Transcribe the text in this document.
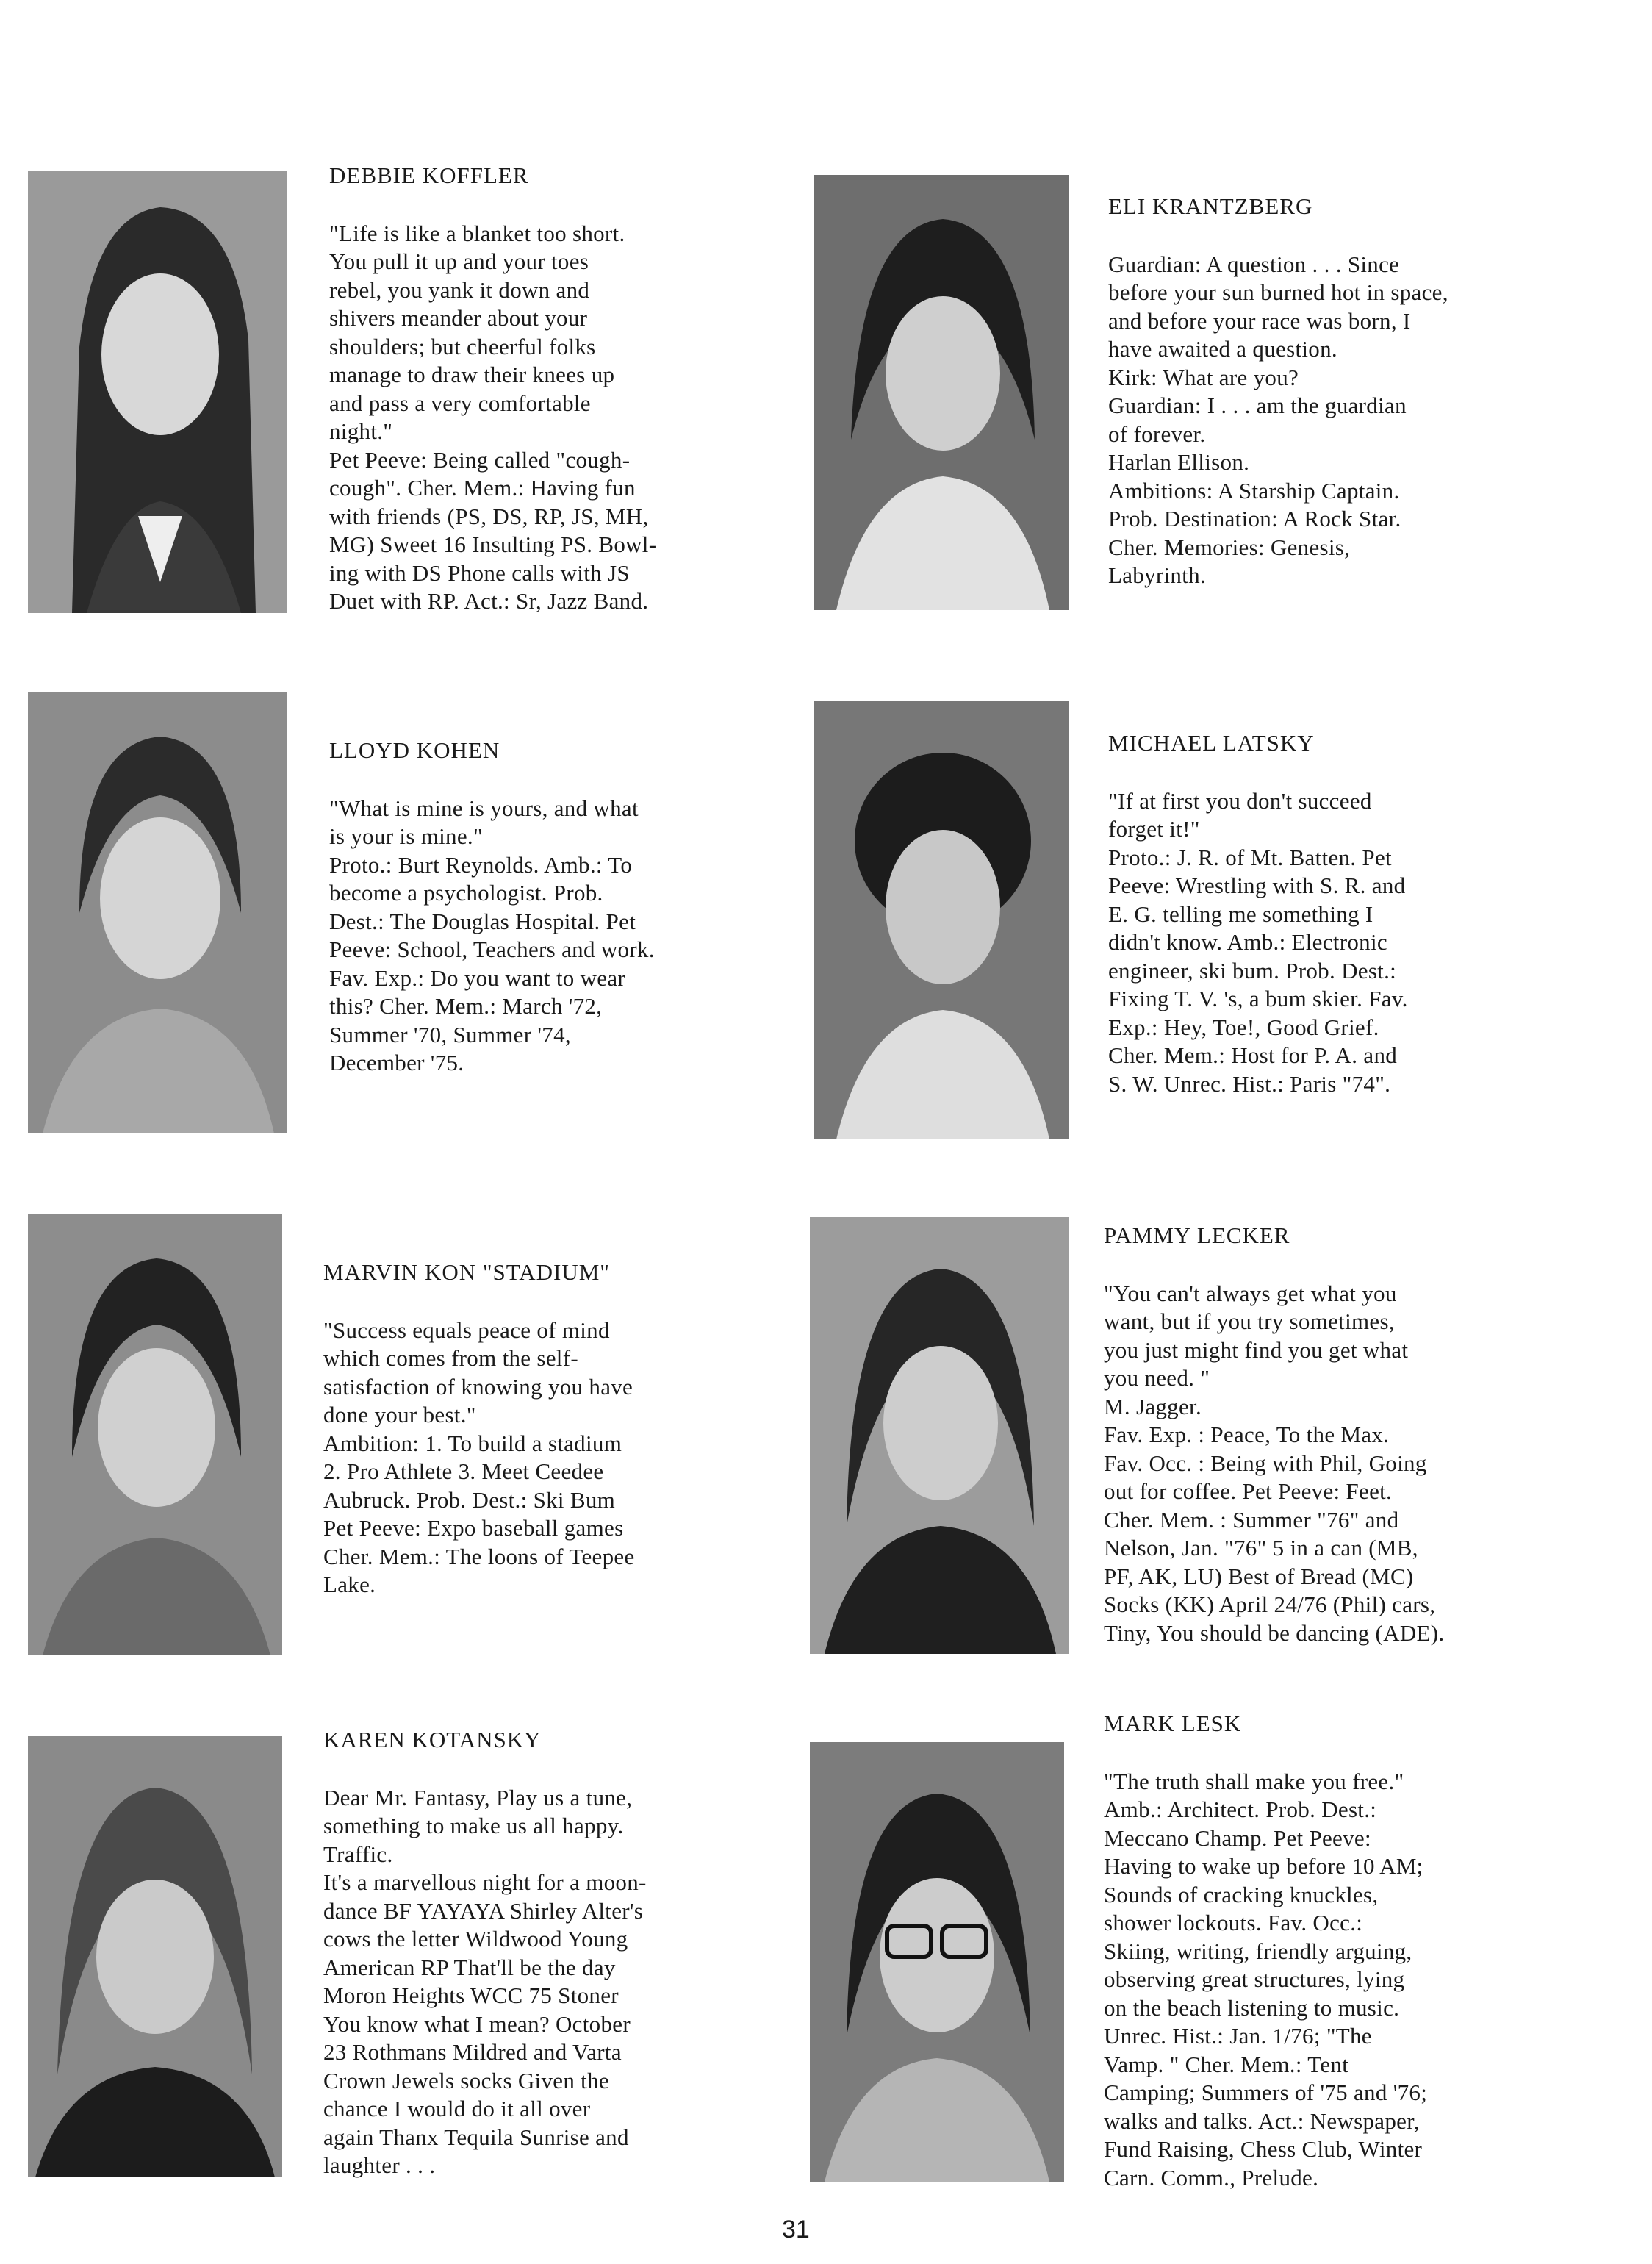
DEBBIE KOFFLER
"Life is like a blanket too short.
You pull it up and your toes
rebel, you yank it down and
shivers meander about your
shoulders; but cheerful folks
manage to draw their knees up
and pass a very comfortable
night."
Pet Peeve: Being called "cough-
cough". Cher. Mem.: Having fun
with friends (PS, DS, RP, JS, MH,
MG) Sweet 16 Insulting PS. Bowl-
ing with DS Phone calls with JS
Duet with RP. Act.: Sr, Jazz Band.
ELI KRANTZBERG
Guardian: A question . . . Since
before your sun burned hot in space,
and before your race was born, I
have awaited a question.
Kirk: What are you?
Guardian: I . . . am the guardian
of forever.
Harlan Ellison.
Ambitions: A Starship Captain.
Prob. Destination: A Rock Star.
Cher. Memories: Genesis,
Labyrinth.
LLOYD KOHEN
"What is mine is yours, and what
is your is mine."
Proto.: Burt Reynolds. Amb.: To
become a psychologist. Prob.
Dest.: The Douglas Hospital. Pet
Peeve: School, Teachers and work.
Fav. Exp.: Do you want to wear
this? Cher. Mem.: March '72,
Summer '70, Summer '74,
December '75.
MICHAEL LATSKY
"If at first you don't succeed
forget it!"
Proto.: J. R. of Mt. Batten. Pet
Peeve: Wrestling with S. R. and
E. G. telling me something I
didn't know. Amb.: Electronic
engineer, ski bum. Prob. Dest.:
Fixing T. V. 's, a bum skier. Fav.
Exp.: Hey, Toe!, Good Grief.
Cher. Mem.: Host for P. A. and
S. W. Unrec. Hist.: Paris "74".
MARVIN KON "STADIUM"
"Success equals peace of mind
which comes from the self-
satisfaction of knowing you have
done your best."
Ambition: 1. To build a stadium
2. Pro Athlete 3. Meet Ceedee
Aubruck. Prob. Dest.: Ski Bum
Pet Peeve: Expo baseball games
Cher. Mem.: The loons of Teepee
Lake.
PAMMY LECKER
"You can't always get what you
want, but if you try sometimes,
you just might find you get what
you need. "
M. Jagger.
Fav. Exp. : Peace, To the Max.
Fav. Occ. : Being with Phil, Going
out for coffee. Pet Peeve: Feet.
Cher. Mem. : Summer "76" and
Nelson, Jan. "76" 5 in a can (MB,
PF, AK, LU) Best of Bread (MC)
Socks (KK) April 24/76 (Phil) cars,
Tiny, You should be dancing (ADE).
KAREN KOTANSKY
Dear Mr. Fantasy, Play us a tune,
something to make us all happy.
Traffic.
It's a marvellous night for a moon-
dance BF YAYAYA Shirley Alter's
cows the letter Wildwood Young
American RP That'll be the day
Moron Heights WCC 75 Stoner
You know what I mean? October
23 Rothmans Mildred and Varta
Crown Jewels socks Given the
chance I would do it all over
again Thanx Tequila Sunrise and
laughter . . .
MARK LESK
"The truth shall make you free."
Amb.: Architect. Prob. Dest.:
Meccano Champ. Pet Peeve:
Having to wake up before 10 AM;
Sounds of cracking knuckles,
shower lockouts. Fav. Occ.:
Skiing, writing, friendly arguing,
observing great structures, lying
on the beach listening to music.
Unrec. Hist.: Jan. 1/76; "The
Vamp. " Cher. Mem.: Tent
Camping; Summers of '75 and '76;
walks and talks. Act.: Newspaper,
Fund Raising, Chess Club, Winter
Carn. Comm., Prelude.
31
